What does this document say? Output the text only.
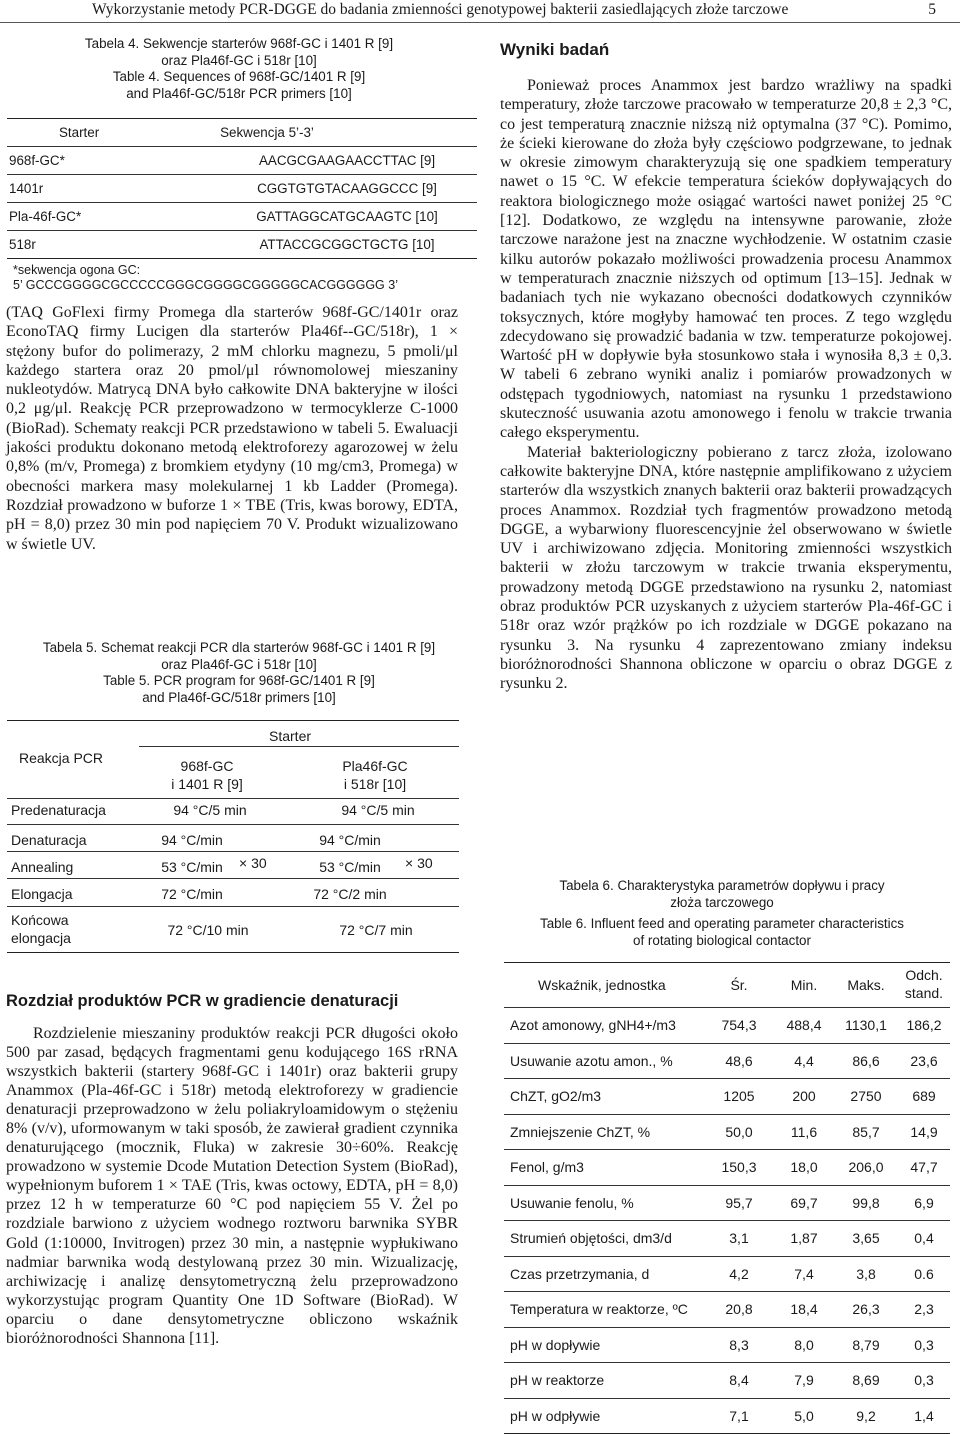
Wykorzystanie metody PCR-DGGE do badania zmienności genotypowej bakterii zasiedlających złoże tarczowe	5
Tabela 4. Sekwencje starterów 968f-GC i 1401 R [9]
oraz Pla46f-GC i 518r [10]
Table 4. Sequences of 968f-GC/1401 R [9]
and Pla46f-GC/518r PCR primers [10]
Starter	Sekwencja 5’-3’
968f-GC*	AACGCGAAGAACCTTAC [9]
1401r	CGGTGTGTACAAGGCCC [9]
Pla-46f-GC*	GATTAGGCATGCAAGTC [10]
518r	ATTACCGCGGCTGCTG [10]
*sekwencja ogona GC:
5’ GCCCGGGGCGCCCCCGGGCGGGGCGGGGGCACGGGGGG 3’
(TAQ GoFlexi firmy Promega dla starterów 968f-GC/1401r oraz EconoTAQ firmy Lucigen dla starterów Pla46f--GC/518r), 1 × stężony bufor do polimerazy, 2 mM chlorku magnezu, 5 pmoli/μl każdego startera oraz 20 pmol/μl równomolowej mieszaniny nukleotydów. Matrycą DNA było całkowite DNA bakteryjne w ilości 0,2 μg/μl. Reakcję PCR przeprowadzono w termocyklerze C-1000 (BioRad). Schematy reakcji PCR przedstawiono w tabeli 5. Ewaluacji jakości produktu dokonano metodą elektroforezy agarozowej w żelu 0,8% (m/v, Promega) z bromkiem etydyny (10 mg/cm3, Promega) w obecności markera masy molekularnej 1 kb Ladder (Promega). Rozdział prowadzono w buforze 1 × TBE (Tris, kwas borowy, EDTA, pH = 8,0) przez 30 min pod napięciem 70 V. Produkt wizualizowano w świetle UV.
Tabela 5. Schemat reakcji PCR dla starterów 968f-GC i 1401 R [9]
oraz Pla46f-GC i 518r [10]
Table 5. PCR program for 968f-GC/1401 R [9]
and Pla46f-GC/518r primers [10]
Reakcja PCR
Starter
968f-GC
i 1401 R [9]
Pla46f-GC
i 518r [10]
Predenaturacja	94 °C/5 min	94 °C/5 min
Denaturacja	94 °C/min	94 °C/min
Annealing	53 °C/min	53 °C/min
× 30	× 30
Elongacja	72 °C/min	72 °C/2 min
Końcowa
elongacja	72 °C/10 min	72 °C/7 min
Rozdział produktów PCR w gradiencie denaturacji
Rozdzielenie mieszaniny produktów reakcji PCR długości około 500 par zasad, będących fragmentami genu kodującego 16S rRNA wszystkich bakterii (startery 968f-GC i 1401r) oraz bakterii grupy Anammox (Pla-46f-GC i 518r) metodą elektroforezy w gradiencie denaturacji przeprowadzono w żelu poliakryloamidowym o stężeniu 8% (v/v), uformowanym w taki sposób, że zawierał gradient czynnika denaturującego (mocznik, Fluka) w zakresie 30÷60%. Reakcję prowadzono w systemie Dcode Mutation Detection System (BioRad), wypełnionym buforem 1 × TAE (Tris, kwas octowy, EDTA, pH = 8,0) przez 12 h w temperaturze 60 °C pod napięciem 55 V. Żel po rozdziale barwiono z użyciem wodnego roztworu barwnika SYBR Gold (1:10000, Invitrogen) przez 30 min, a następnie wypłukiwano nadmiar barwnika wodą destylowaną przez 30 min. Wizualizację, archiwizację i analizę densytometryczną żelu przeprowadzono wykorzystując program Quantity One 1D Software (BioRad). W oparciu o dane densytometryczne obliczono wskaźnik bioróżnorodności Shannona [11].
Wyniki badań

Ponieważ proces Anammox jest bardzo wrażliwy na spadki temperatury, złoże tarczowe pracowało w temperaturze 20,8 ± 2,3 °C, co jest temperaturą znacznie niższą niż optymalna (37 °C). Pomimo, że ścieki kierowane do złoża były częściowo podgrzewane, to jednak w okresie zimowym charakteryzują się one spadkiem temperatury nawet o 15 °C. W efekcie temperatura ścieków dopływających do reaktora biologicznego może osiągać wartości nawet poniżej 25 °C [12]. Dodatkowo, ze względu na intensywne parowanie, złoże tarczowe narażone jest na znaczne wychłodzenie. W ostatnim czasie kilku autorów pokazało możliwości prowadzenia procesu Anammox w temperaturach znacznie niższych od optimum [13–15]. Jednak w badaniach tych nie wykazano obecności dodatkowych czynników toksycznych, które mogłyby hamować ten proces. Z tego względu zdecydowano się prowadzić badania w tzw. temperaturze pokojowej. Wartość pH w dopływie była stosunkowo stała i wynosiła 8,3 ± 0,3. W tabeli 6 zebrano wyniki analiz i pomiarów prowadzonych w odstępach tygodniowych, natomiast na rysunku 1 przedstawiono skuteczność usuwania azotu amonowego i fenolu w trakcie trwania całego eksperymentu.

Materiał bakteriologiczny pobierano z tarcz złoża, izolowano całkowite bakteryjne DNA, które następnie amplifikowano z użyciem starterów dla wszystkich znanych bakterii oraz bakterii prowadzących proces Anammox. Rozdział tych fragmentów prowadzono metodą DGGE, a wybarwiony fluorescencyjnie żel obserwowano w świetle UV i archiwizowano zdjęcia. Monitoring zmienności wszystkich bakterii w złożu tarczowym w trakcie trwania eksperymentu, prowadzony metodą DGGE przedstawiono na rysunku 2, natomiast obraz produktów PCR uzyskanych z użyciem starterów Pla-46f-GC i 518r oraz wzór prążków po ich rozdziale w DGGE pokazano na rysunku 3. Na rysunku 4 zaprezentowano zmiany indeksu bioróżnorodności Shannona obliczone w oparciu o obraz DGGE z rysunku 2.

Tabela 6. Charakterystyka parametrów dopływu i pracy
złoża tarczowego
Table 6. Influent feed and operating parameter characteristics
of rotating biological contactor
Wskaźnik, jednostka	Śr.	Min.	Maks.
Odch.
stand.
Azot amonowy, gNH4+/m3	754,3	488,4	1130,1	186,2
Usuwanie azotu amon., %	48,6	4,4	86,6	23,6
ChZT, gO2/m3	1205	200	2750	689
Zmniejszenie ChZT, %	50,0	11,6	85,7	14,9
Fenol, g/m3	150,3	18,0	206,0	47,7
Usuwanie fenolu, %	95,7	69,7	99,8	6,9
Strumień objętości, dm3/d	3,1	1,87	3,65	0,4
Czas przetrzymania, d	4,2	7,4	3,8	0.6
Temperatura w reaktorze, ºC	20,8	18,4	26,3	2,3
pH w dopływie	8,3	8,0	8,79	0,3
pH w reaktorze	8,4	7,9	8,69	0,3
pH w odpływie	7,1	5,0	9,2	1,4
